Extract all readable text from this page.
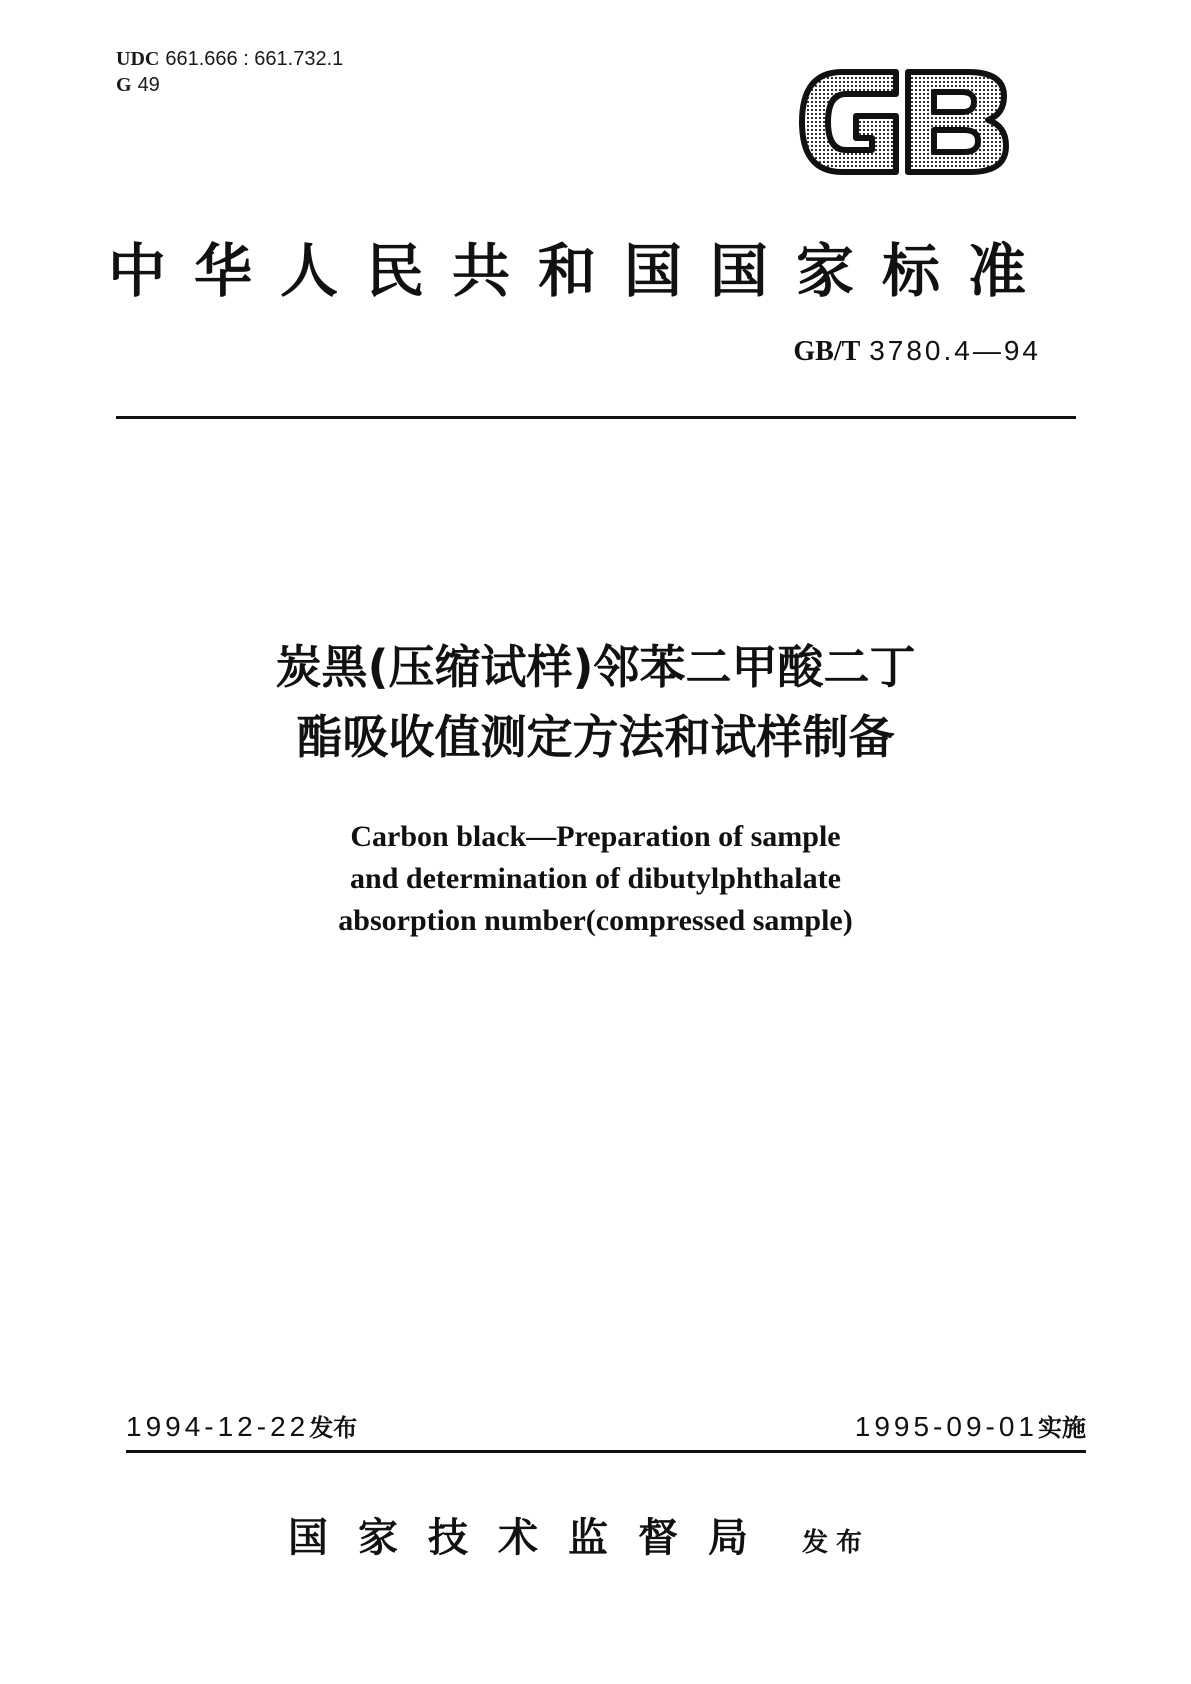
UDC 661.666 : 661.732.1
G 49
中华人民共和国国家标准
GB/T 3780.4—94
炭黑(压缩试样)邻苯二甲酸二丁
酯吸收值测定方法和试样制备
Carbon black—Preparation of sample
and determination of dibutylphthalate
absorption number(compressed sample)
1994-12-22发布	1995-09-01实施
国家技术监督局 发布
